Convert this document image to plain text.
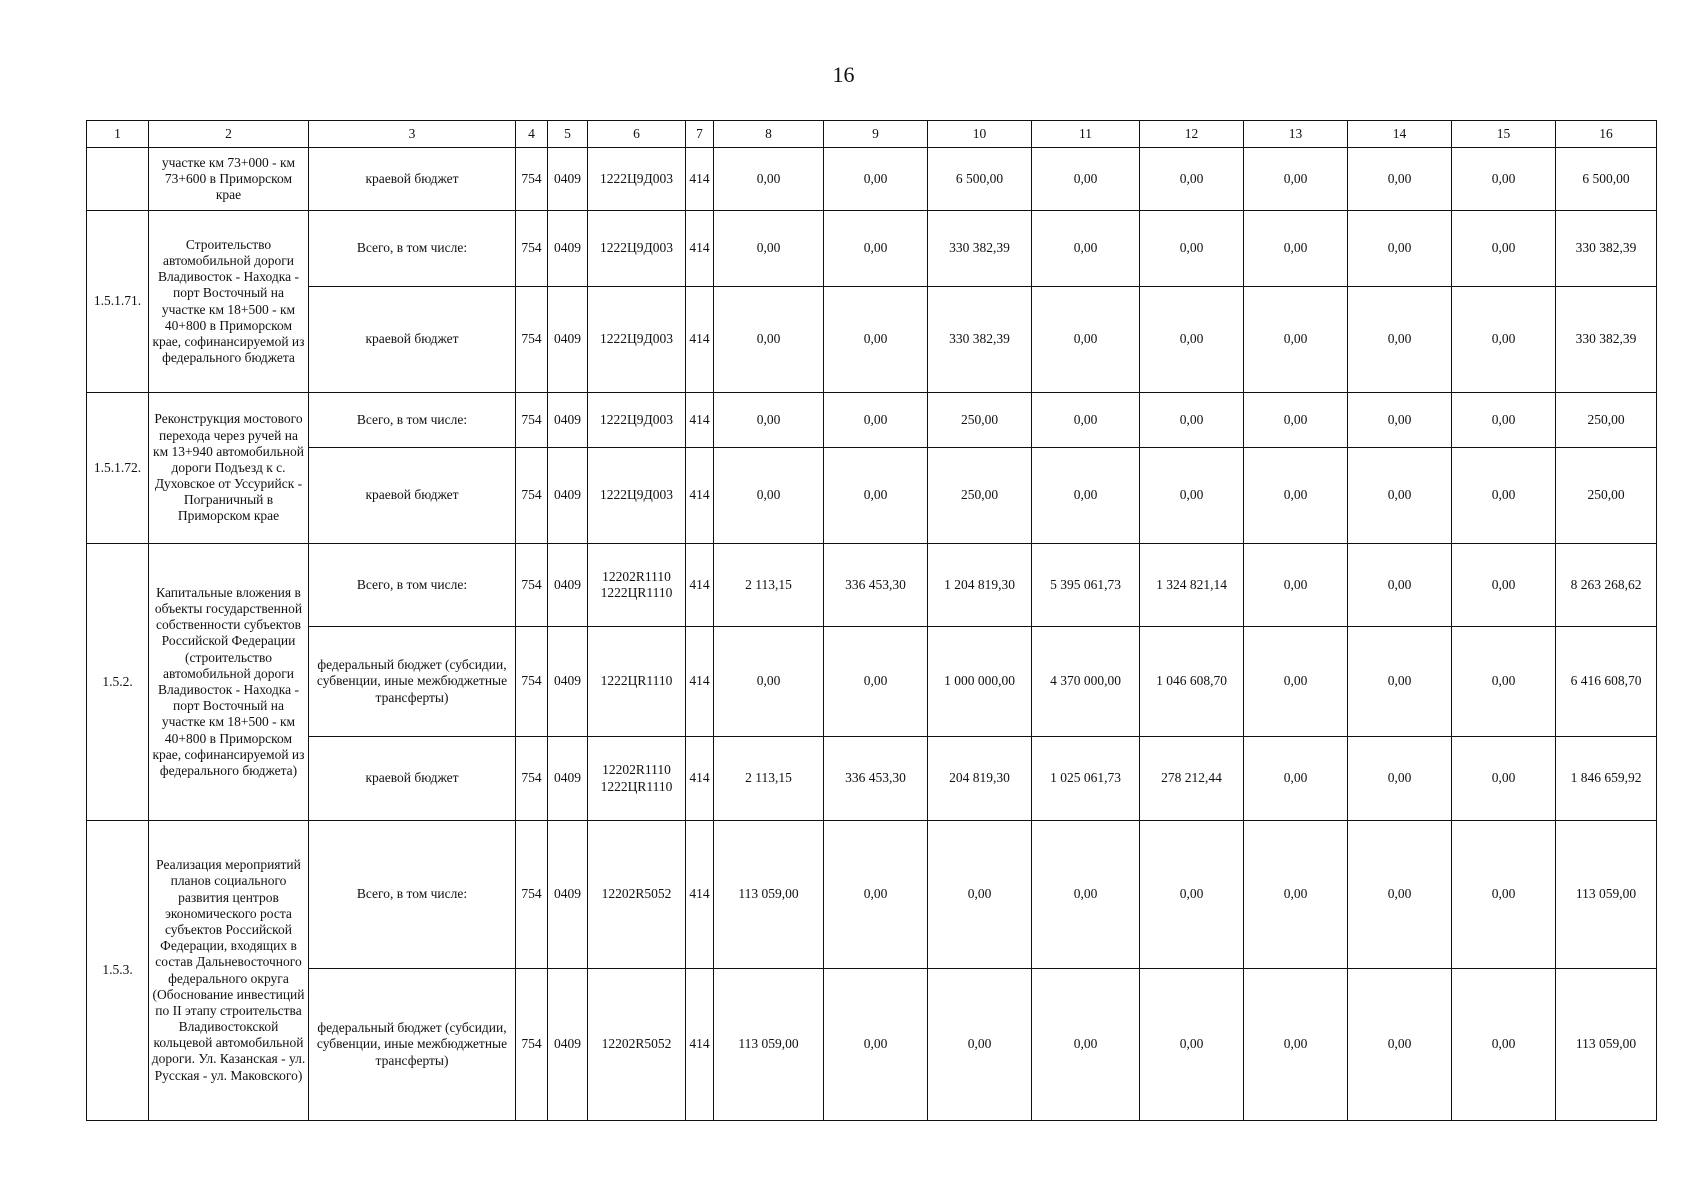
16
1	2	3	4	5	6	7	8	9	10	11	12	13	14	15	16
	участке км 73+000 - км 73+600 в Приморском крае	краевой бюджет	754	0409	1222Ц9Д003	414	0,00	0,00	6 500,00	0,00	0,00	0,00	0,00	0,00	6 500,00
1.5.1.71.	Строительство автомобильной дороги Владивосток - Находка - порт Восточный на участке км 18+500 - км 40+800 в Приморском крае, софинансируемой из федерального бюджета	Всего, в том числе:	754	0409	1222Ц9Д003	414	0,00	0,00	330 382,39	0,00	0,00	0,00	0,00	0,00	330 382,39
		краевой бюджет	754	0409	1222Ц9Д003	414	0,00	0,00	330 382,39	0,00	0,00	0,00	0,00	0,00	330 382,39
1.5.1.72.	Реконструкция мостового перехода через ручей на км 13+940 автомобильной дороги Подъезд к с. Духовское от Уссурийск - Пограничный в Приморском крае	Всего, в том числе:	754	0409	1222Ц9Д003	414	0,00	0,00	250,00	0,00	0,00	0,00	0,00	0,00	250,00
		краевой бюджет	754	0409	1222Ц9Д003	414	0,00	0,00	250,00	0,00	0,00	0,00	0,00	0,00	250,00
1.5.2.	Капитальные вложения в объекты государственной собственности субъектов Российской Федерации (строительство автомобильной дороги Владивосток - Находка - порт Восточный на участке км 18+500 - км 40+800 в Приморском крае, софинансируемой из федерального бюджета)	Всего, в том числе:	754	0409	12202R1110 1222ЦR1110	414	2 113,15	336 453,30	1 204 819,30	5 395 061,73	1 324 821,14	0,00	0,00	0,00	8 263 268,62
		федеральный бюджет (субсидии, субвенции, иные межбюджетные трансферты)	754	0409	1222ЦR1110	414	0,00	0,00	1 000 000,00	4 370 000,00	1 046 608,70	0,00	0,00	0,00	6 416 608,70
		краевой бюджет	754	0409	12202R1110 1222ЦR1110	414	2 113,15	336 453,30	204 819,30	1 025 061,73	278 212,44	0,00	0,00	0,00	1 846 659,92
1.5.3.	Реализация мероприятий планов социального развития центров экономического роста субъектов Российской Федерации, входящих в состав Дальневосточного федерального округа (Обоснование инвестиций по II этапу строительства Владивостокской кольцевой автомобильной дороги. Ул. Казанская - ул. Русская - ул. Маковского)	Всего, в том числе:	754	0409	12202R5052	414	113 059,00	0,00	0,00	0,00	0,00	0,00	0,00	0,00	113 059,00
		федеральный бюджет (субсидии, субвенции, иные межбюджетные трансферты)	754	0409	12202R5052	414	113 059,00	0,00	0,00	0,00	0,00	0,00	0,00	0,00	113 059,00
